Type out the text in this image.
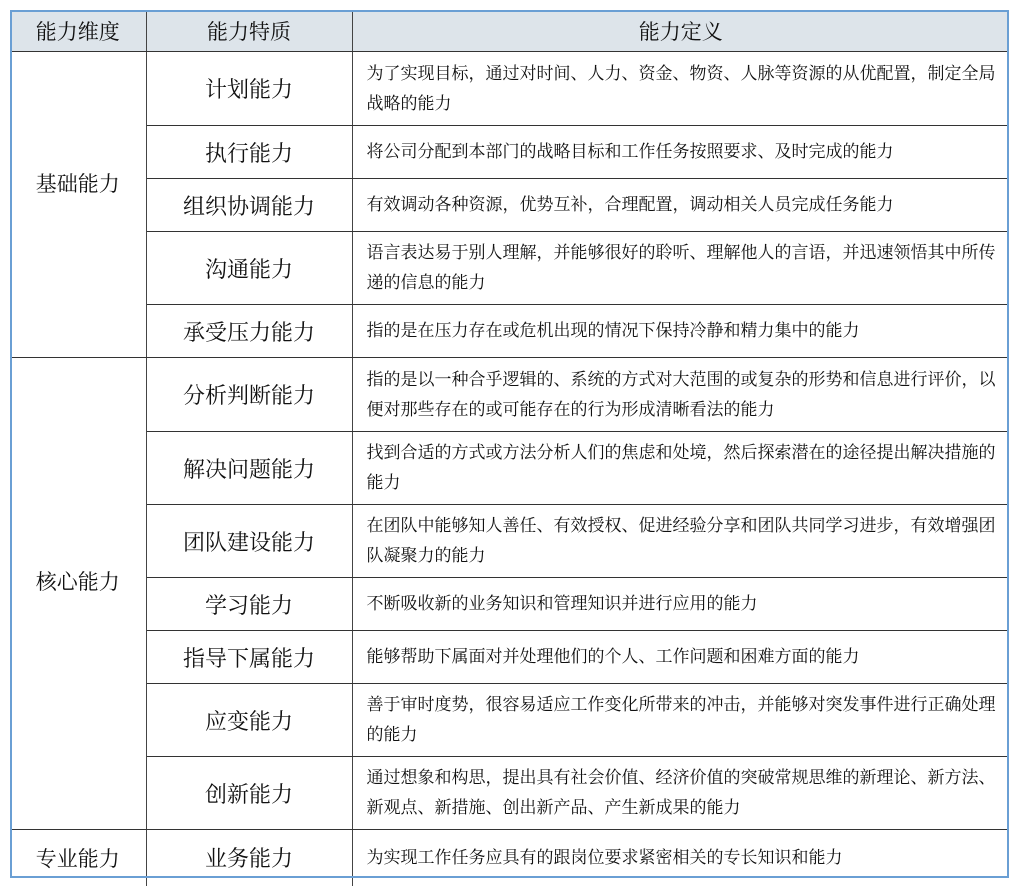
能力维度	能力特质	能力定义
基础能力	计划能力	为了实现目标，通过对时间、人力、资金、物资、人脉等资源的从优配置，制定全局战略的能力
	执行能力	将公司分配到本部门的战略目标和工作任务按照要求、及时完成的能力
	组织协调能力	有效调动各种资源，优势互补，合理配置，调动相关人员完成任务能力
	沟通能力	语言表达易于别人理解，并能够很好的聆听、理解他人的言语，并迅速领悟其中所传递的信息的能力
	承受压力能力	指的是在压力存在或危机出现的情况下保持冷静和精力集中的能力
核心能力	分析判断能力	指的是以一种合乎逻辑的、系统的方式对大范围的或复杂的形势和信息进行评价，以便对那些存在的或可能存在的行为形成清晰看法的能力
	解决问题能力	找到合适的方式或方法分析人们的焦虑和处境，然后探索潜在的途径提出解决措施的能力
	团队建设能力	在团队中能够知人善任、有效授权、促进经验分享和团队共同学习进步，有效增强团队凝聚力的能力
	学习能力	不断吸收新的业务知识和管理知识并进行应用的能力
	指导下属能力	能够帮助下属面对并处理他们的个人、工作问题和困难方面的能力
	应变能力	善于审时度势，很容易适应工作变化所带来的冲击，并能够对突发事件进行正确处理的能力
	创新能力	通过想象和构思，提出具有社会价值、经济价值的突破常规思维的新理论、新方法、新观点、新措施、创出新产品、产生新成果的能力
专业能力	业务能力	为实现工作任务应具有的跟岗位要求紧密相关的专长知识和能力
